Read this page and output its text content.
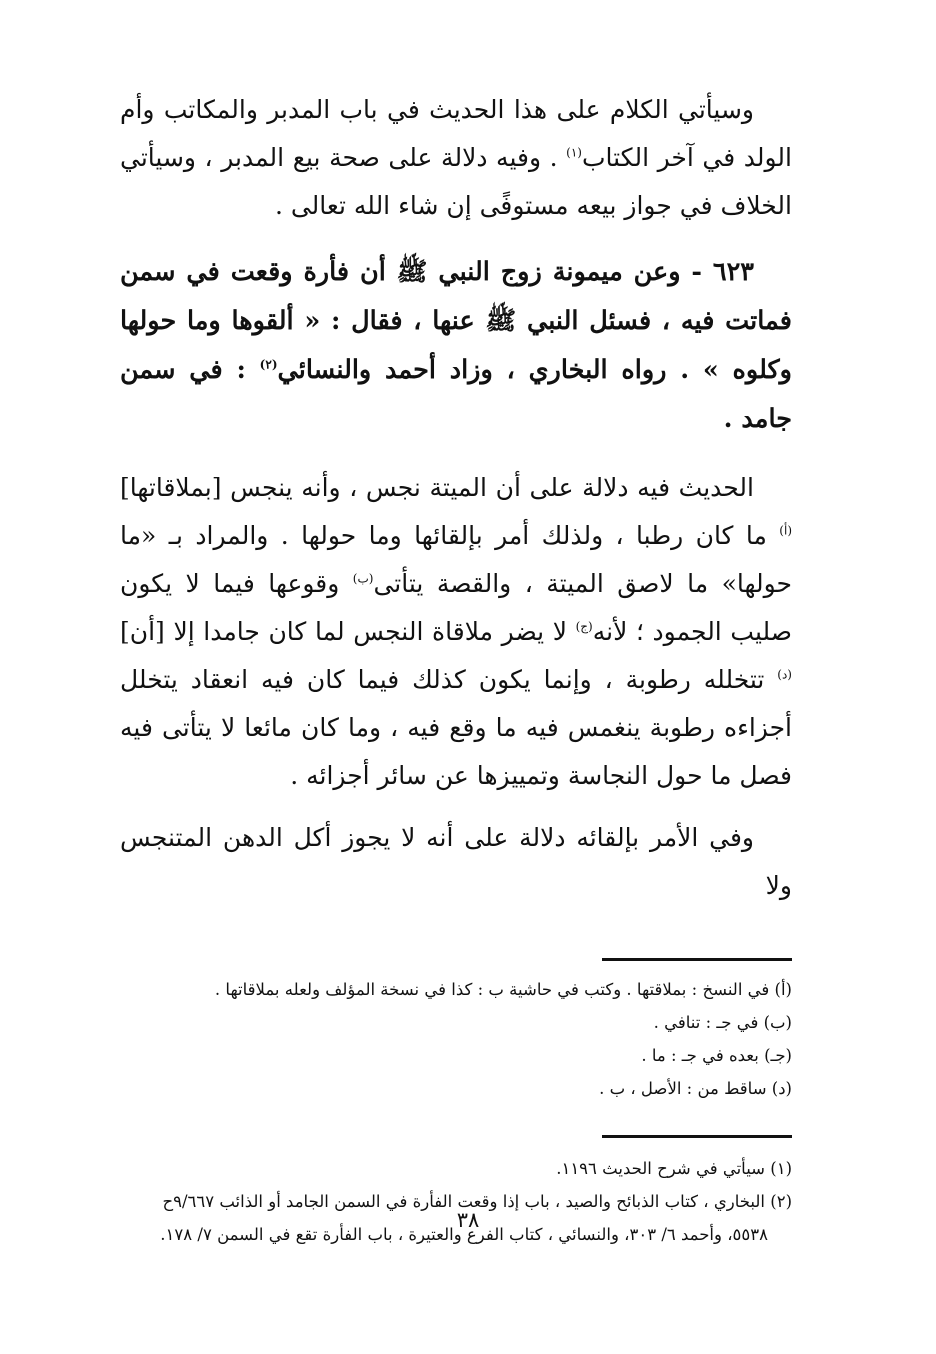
وسيأتي الكلام على هذا الحديث في باب المدبر والمكاتب وأم الولد في آخر الكتاب$^{(١)}$ . وفيه دلالة على صحة بيع المدبر ، وسيأتي الخلاف في جواز بيعه مستوفًى إن شاء الله تعالى .

٦٢٣ - وعن ميمونة زوج النبي ﷺ أن فأرة وقعت في سمن فماتت فيه ، فسئل النبي ﷺ عنها ، فقال : « ألقوها وما حولها وكلوه » . رواه البخاري ، وزاد أحمد والنسائي$^{(٢)}$ : في سمن جامد .

الحديث فيه دلالة على أن الميتة نجس ، وأنه ينجس [بملاقاتها]$^{(أ)}$ ما كان رطبا ، ولذلك أمر بإلقائها وما حولها . والمراد بـ «ما حولها» ما لاصق الميتة ، والقصة يتأتى$^{(ب)}$ وقوعها فيما لا يكون صليب الجمود ؛ لأنه$^{(ج)}$ لا يضر ملاقاة النجس لما كان جامدا إلا [أن]$^{(د)}$ تتخلله رطوبة ، وإنما يكون كذلك فيما كان فيه انعقاد يتخلل أجزاءه رطوبة ينغمس فيه ما وقع فيه ، وما كان مائعا لا يتأتى فيه فصل ما حول النجاسة وتمييزها عن سائر أجزائه .

وفي الأمر بإلقائه دلالة على أنه لا يجوز أكل الدهن المتنجس ولا

(أ) في النسخ : بملاقتها . وكتب في حاشية ب : كذا في نسخة المؤلف ولعله بملاقاتها .

(ب) في جـ : تنافي .

(جـ) بعده في جـ : ما .

(د) ساقط من : الأصل ، ب .

(١) سيأتي في شرح الحديث ١١٩٦.

(٢) البخاري ، كتاب الذبائح والصيد ، باب إذا وقعت الفأرة في السمن الجامد أو الذائب ٩/٦٦٧ح

٥٥٣٨، وأحمد ٦/ ٣٠٣، والنسائي ، كتاب الفرع والعتيرة ، باب الفأرة تقع في السمن ٧/ ١٧٨.

٣٨
